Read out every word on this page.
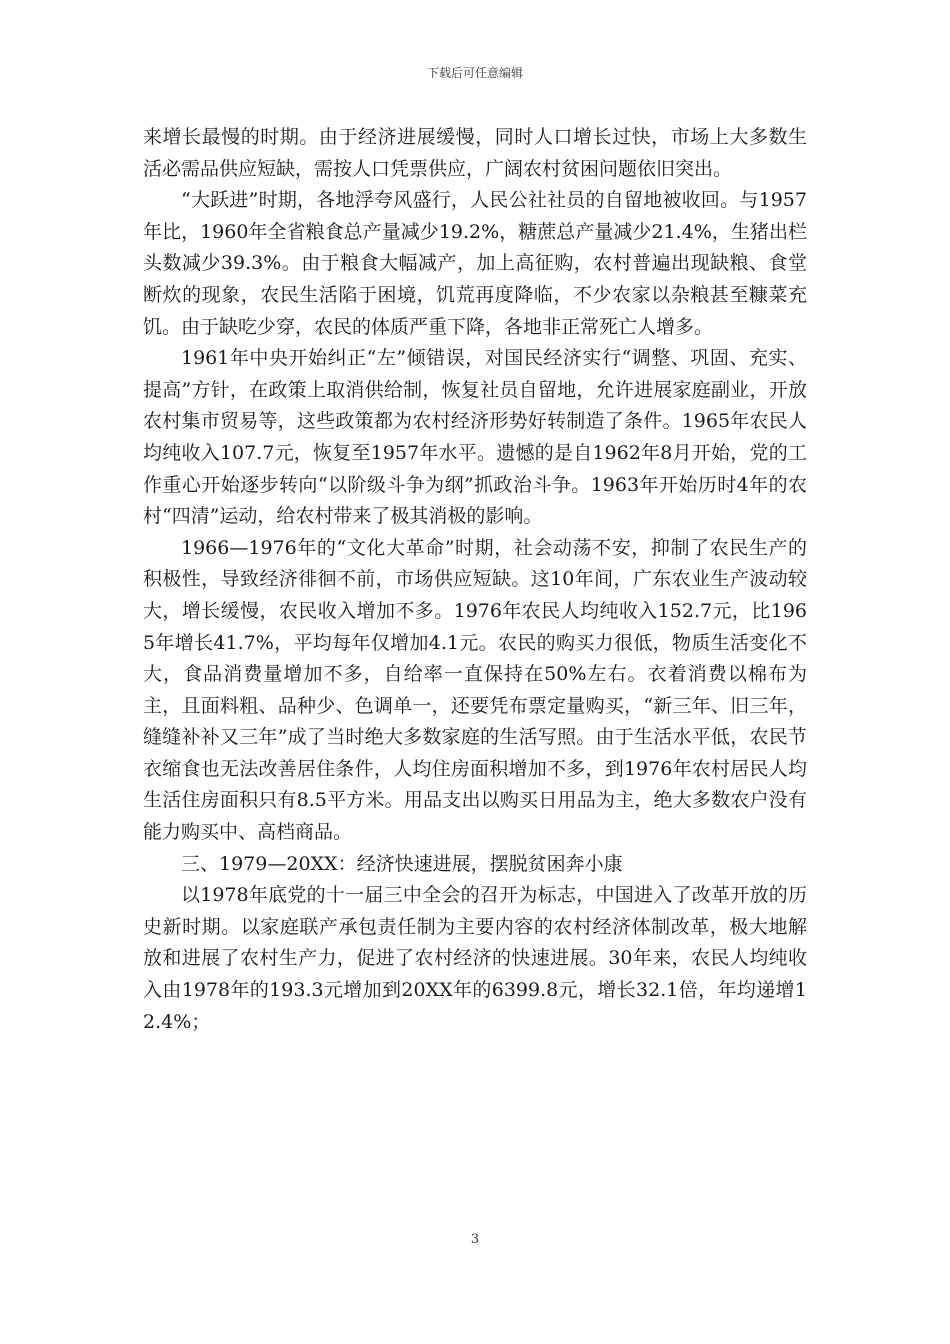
下载后可任意编辑

来增长最慢的时期。由于经济进展缓慢，同时人口增长过快，市场上大多数生活必需品供应短缺，需按人口凭票供应，广阔农村贫困问题依旧突出。

“大跃进”时期，各地浮夸风盛行，人民公社社员的自留地被收回。与1957年比，1960年全省粮食总产量减少19.2%，糖蔗总产量减少21.4%，生猪出栏头数减少39.3%。由于粮食大幅减产，加上高征购，农村普遍出现缺粮、食堂断炊的现象，农民生活陷于困境，饥荒再度降临，不少农家以杂粮甚至糠菜充饥。由于缺吃少穿，农民的体质严重下降，各地非正常死亡人增多。

1961年中央开始纠正“左”倾错误，对国民经济实行“调整、巩固、充实、提高”方针，在政策上取消供给制，恢复社员自留地，允许进展家庭副业，开放农村集市贸易等，这些政策都为农村经济形势好转制造了条件。1965年农民人均纯收入107.7元，恢复至1957年水平。遗憾的是自1962年8月开始，党的工作重心开始逐步转向“以阶级斗争为纲”抓政治斗争。1963年开始历时4年的农村“四清”运动，给农村带来了极其消极的影响。

1966—1976年的“文化大革命”时期，社会动荡不安，抑制了农民生产的积极性，导致经济徘徊不前，市场供应短缺。这10年间，广东农业生产波动较大，增长缓慢，农民收入增加不多。1976年农民人均纯收入152.7元，比1965年增长41.7%，平均每年仅增加4.1元。农民的购买力很低，物质生活变化不大，食品消费量增加不多，自给率一直保持在50%左右。衣着消费以棉布为主，且面料粗、品种少、色调单一，还要凭布票定量购买，“新三年、旧三年，缝缝补补又三年”成了当时绝大多数家庭的生活写照。由于生活水平低，农民节衣缩食也无法改善居住条件，人均住房面积增加不多，到1976年农村居民人均生活住房面积只有8.5平方米。用品支出以购买日用品为主，绝大多数农户没有能力购买中、高档商品。

三、1979—20XX：经济快速进展，摆脱贫困奔小康

以1978年底党的十一届三中全会的召开为标志，中国进入了改革开放的历史新时期。以家庭联产承包责任制为主要内容的农村经济体制改革，极大地解放和进展了农村生产力，促进了农村经济的快速进展。30年来，农民人均纯收入由1978年的193.3元增加到20XX年的6399.8元，增长32.1倍，年均递增12.4%；

3
